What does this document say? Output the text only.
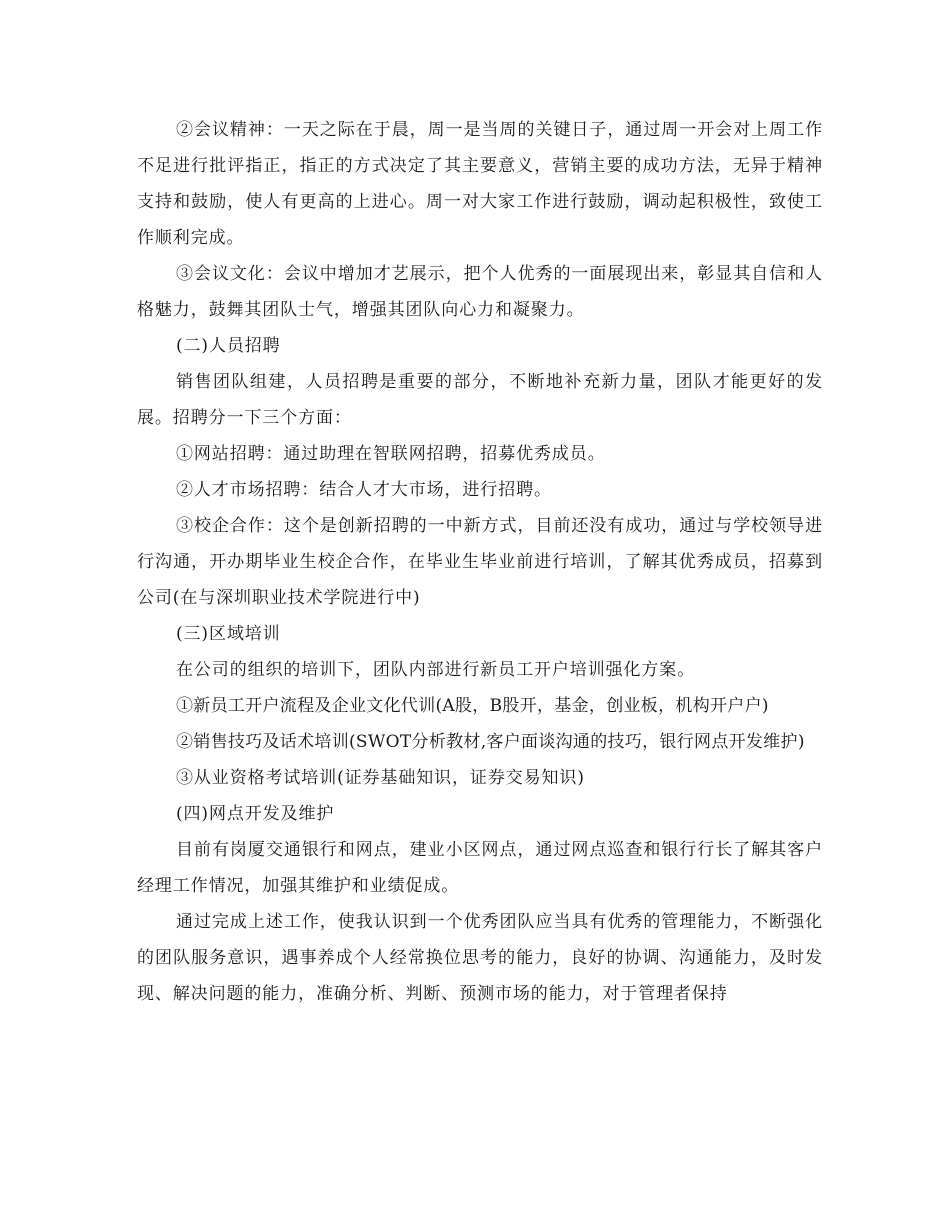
②会议精神：一天之际在于晨，周一是当周的关键日子，通过周一开会对上周工作不足进行批评指正，指正的方式决定了其主要意义，营销主要的成功方法，无异于精神支持和鼓励，使人有更高的上进心。周一对大家工作进行鼓励，调动起积极性，致使工作顺利完成。

③会议文化：会议中增加才艺展示，把个人优秀的一面展现出来，彰显其自信和人格魅力，鼓舞其团队士气，增强其团队向心力和凝聚力。

(二)人员招聘

销售团队组建，人员招聘是重要的部分，不断地补充新力量，团队才能更好的发展。招聘分一下三个方面：

①网站招聘：通过助理在智联网招聘，招募优秀成员。

②人才市场招聘：结合人才大市场，进行招聘。

③校企合作：这个是创新招聘的一中新方式，目前还没有成功，通过与学校领导进行沟通，开办期毕业生校企合作，在毕业生毕业前进行培训，了解其优秀成员，招募到公司(在与深圳职业技术学院进行中)

(三)区域培训

在公司的组织的培训下，团队内部进行新员工开户培训强化方案。

①新员工开户流程及企业文化代训(A股，B股开，基金，创业板，机构开户户)

②销售技巧及话术培训(SWOT分析教材,客户面谈沟通的技巧，银行网点开发维护)

③从业资格考试培训(证券基础知识，证券交易知识)

(四)网点开发及维护

目前有岗厦交通银行和网点，建业小区网点，通过网点巡查和银行行长了解其客户经理工作情况，加强其维护和业绩促成。

通过完成上述工作，使我认识到一个优秀团队应当具有优秀的管理能力，不断强化的团队服务意识，遇事养成个人经常换位思考的能力，良好的协调、沟通能力，及时发现、解决问题的能力，准确分析、判断、预测市场的能力，对于管理者保持
